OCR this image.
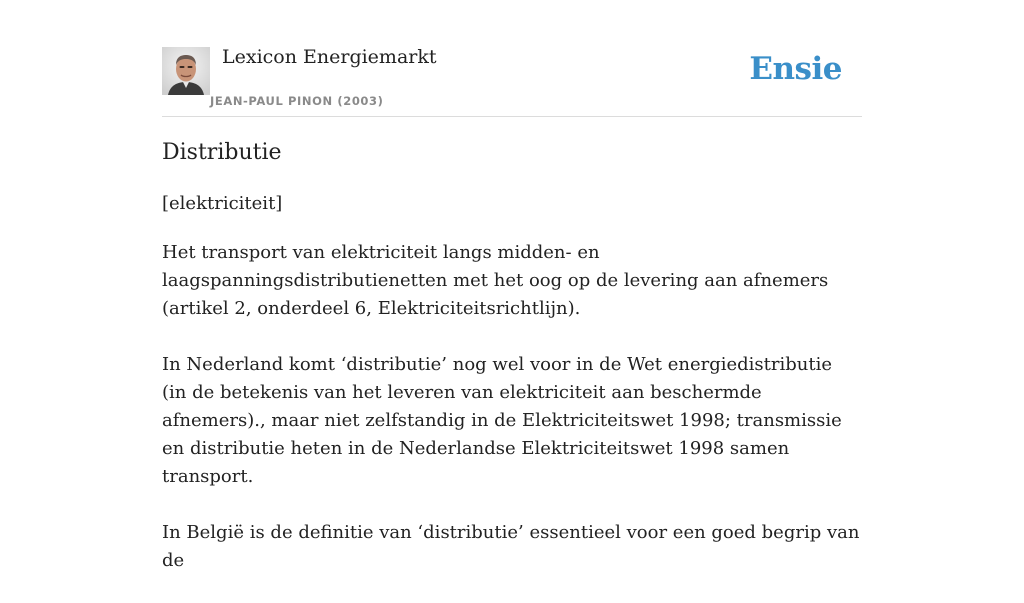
Lexicon Energiemarkt
JEAN-PAUL PINON (2003)
Ensie
Distributie

[elektriciteit]

Het transport van elektriciteit langs midden- en laagspanningsdistributienetten met het oog op de levering aan afnemers (artikel 2, onderdeel 6, Elektriciteitsrichtlijn).

In Nederland komt ‘distributie’ nog wel voor in de Wet energiedistributie (in de betekenis van het leveren van elektriciteit aan beschermde afnemers)., maar niet zelfstandig in de Elektriciteitswet 1998; transmissie en distributie heten in de Nederlandse Elektriciteitswet 1998 samen transport.

In België is de definitie van ‘distributie’ essentieel voor een goed begrip van de
